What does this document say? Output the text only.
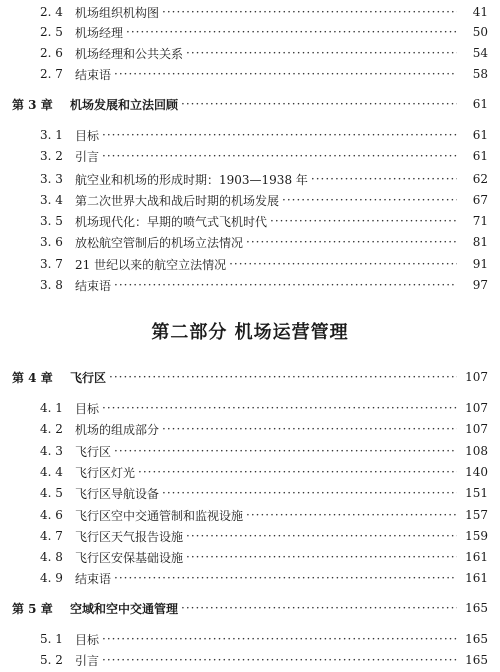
2. 4 机场组织机构图 ·····	41
2. 5 机场经理 ·····	50
2. 6 机场经理和公共关系 ·····	54
2. 7 结束语 ·····	58
第 3 章 机场发展和立法回顾 ·····	61
3. 1 目标 ·····	61
3. 2 引言 ·····	61
3. 3 航空业和机场的形成时期：1903—1938 年 ·····	62
3. 4 第二次世界大战和战后时期的机场发展 ·····	67
3. 5 机场现代化：早期的喷气式飞机时代 ·····	71
3. 6 放松航空管制后的机场立法情况 ·····	81
3. 7 21 世纪以来的航空立法情况 ·····	91
3. 8 结束语 ·····	97
第二部分 机场运营管理
第 4 章 飞行区 ·····	107
4. 1 目标 ·····	107
4. 2 机场的组成部分 ·····	107
4. 3 飞行区 ·····	108
4. 4 飞行区灯光 ·····	140
4. 5 飞行区导航设备 ·····	151
4. 6 飞行区空中交通管制和监视设施 ·····	157
4. 7 飞行区天气报告设施 ·····	159
4. 8 飞行区安保基础设施 ·····	161
4. 9 结束语 ·····	161
第 5 章 空域和空中交通管理 ·····	165
5. 1 目标 ·····	165
5. 2 引言 ·····	165
